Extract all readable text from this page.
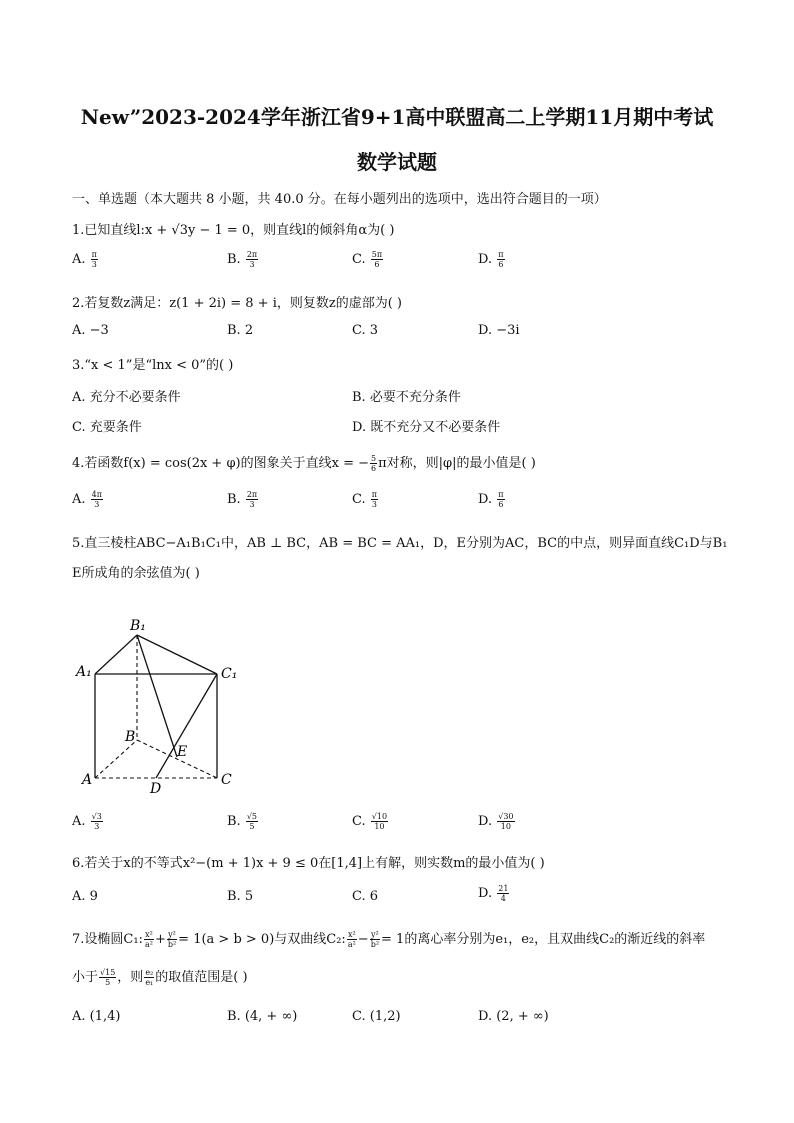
New”2023-2024学年浙江省9+1高中联盟高二上学期11月期中考试
数学试题
一、单选题（本大题共 8 小题，共 40.0 分。在每小题列出的选项中，选出符合题目的一项）
1.已知直线l:x + √3y − 1 = 0，则直线l的倾斜角α为( )
A. $\frac{\pi}{3}$	B. $\frac{2\pi}{3}$	C. $\frac{5\pi}{6}$	D. $\frac{\pi}{6}$
2.若复数z满足：z(1 + 2i) = 8 + i，则复数z的虚部为( )
A. −3	B. 2	C. 3	D. −3i
3.“x < 1”是“lnx < 0”的( )
A. 充分不必要条件	B. 必要不充分条件
C. 充要条件	D. 既不充分又不必要条件
4.若函数f(x) = cos(2x + φ)的图象关于直线x = − $\frac{5}{6}$ π对称，则|φ|的最小值是( )
A. $\frac{4\pi}{3}$	B. $\frac{2\pi}{3}$	C. $\frac{\pi}{3}$	D. $\frac{\pi}{6}$
5.直三棱柱ABC−A₁B₁C₁中，AB ⊥ BC，AB = BC = AA₁，D，E分别为AC，BC的中点，则异面直线C₁D与B₁
E所成角的余弦值为( )
B₁
A₁	C₁
B
E
A	C
D
A. $\frac{√3}{3}$	B. $\frac{√5}{5}$	C. $\frac{√10}{10}$	D. $\frac{√30}{10}$
6.若关于x的不等式x²−(m + 1)x + 9 ≤ 0在[1,4]上有解，则实数m的最小值为( )
A. 9	B. 5	C. 6	D. $\frac{21}{4}$
7.设椭圆C₁: $\frac{\text{x²}}{\text{a²}} + \frac{\text{y²}}{\text{b²}} = 1(a > b > 0)$与双曲线C₂: $\frac{\text{x²}}{\text{a²}} - \frac{\text{y²}}{\text{b²}} = 1$的离心率分别为e₁，e₂，且双曲线C₂的渐近线的斜率
小于 $\frac{√15}{5}$ ，则 $\frac{\text{e₂}}{\text{e₁}}$ 的取值范围是( )
A. (1,4)	B. (4, + ∞)	C. (1,2)	D. (2, + ∞)
